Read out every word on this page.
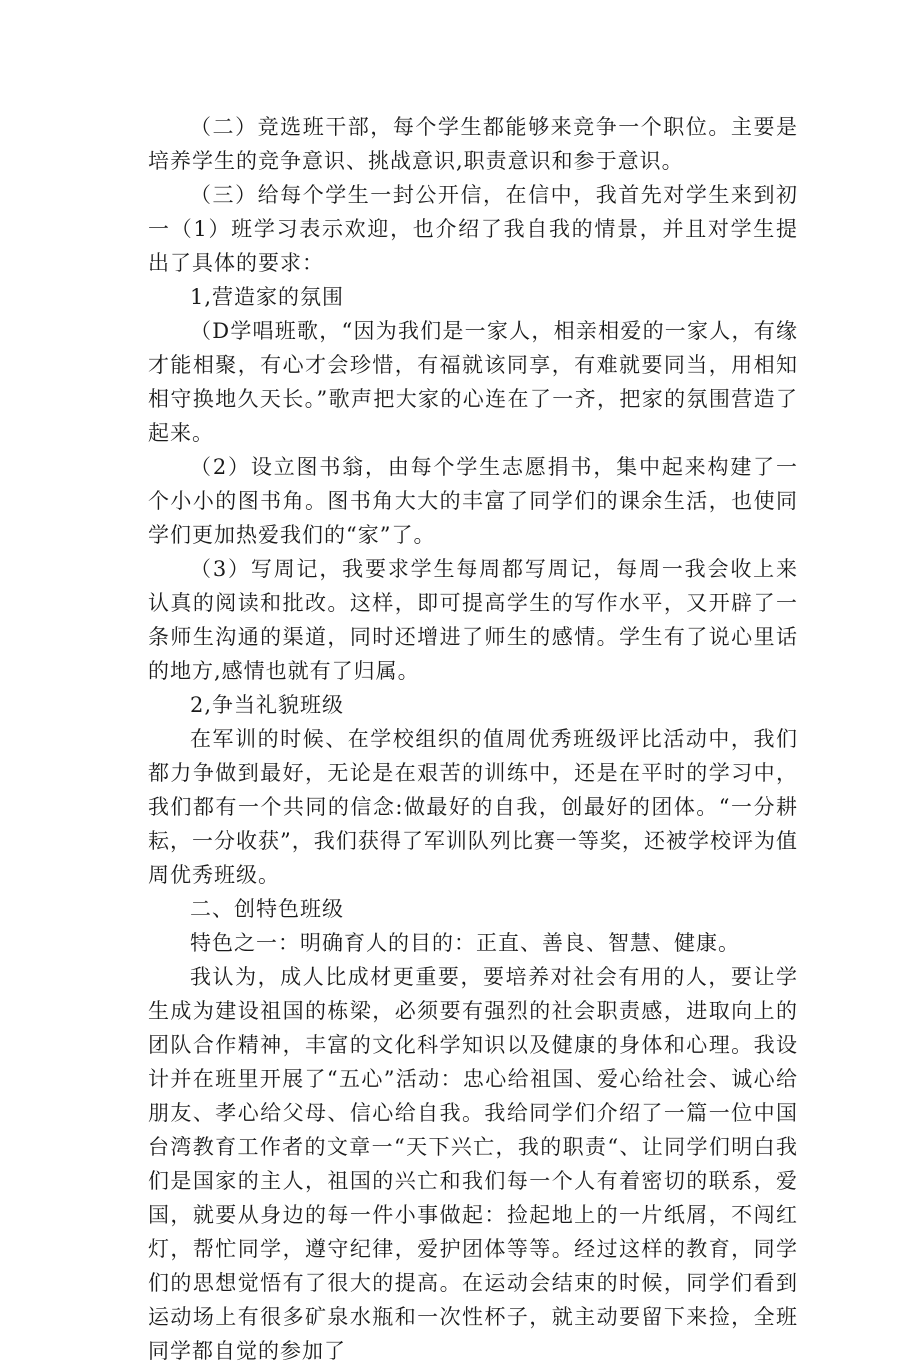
（二）竞选班干部，每个学生都能够来竞争一个职位。主要是培养学生的竞争意识、挑战意识,职责意识和参于意识。

（三）给每个学生一封公开信，在信中，我首先对学生来到初一（1）班学习表示欢迎，也介绍了我自我的情景，并且对学生提出了具体的要求：

1,营造家的氛围

（D学唱班歌，“因为我们是一家人，相亲相爱的一家人，有缘才能相聚，有心才会珍惜，有福就该同享，有难就要同当，用相知相守换地久天长。”歌声把大家的心连在了一齐，把家的氛围营造了起来。

（2）设立图书翁，由每个学生志愿捐书，集中起来构建了一个小小的图书角。图书角大大的丰富了同学们的课余生活，也使同学们更加热爱我们的“家”了。

（3）写周记，我要求学生每周都写周记，每周一我会收上来认真的阅读和批改。这样，即可提高学生的写作水平，又开辟了一条师生沟通的渠道，同时还增进了师生的感情。学生有了说心里话的地方,感情也就有了归属。

2,争当礼貌班级

在军训的时候、在学校组织的值周优秀班级评比活动中，我们都力争做到最好，无论是在艰苦的训练中，还是在平时的学习中，我们都有一个共同的信念:做最好的自我，创最好的团体。“一分耕耘，一分收获”，我们获得了军训队列比赛一等奖，还被学校评为值周优秀班级。

二、创特色班级

特色之一：明确育人的目的：正直、善良、智慧、健康。

我认为，成人比成材更重要，要培养对社会有用的人，要让学生成为建设祖国的栋梁，必须要有强烈的社会职责感，进取向上的团队合作精神，丰富的文化科学知识以及健康的身体和心理。我设计并在班里开展了“五心”活动：忠心给祖国、爱心给社会、诚心给朋友、孝心给父母、信心给自我。我给同学们介绍了一篇一位中国台湾教育工作者的文章一“天下兴亡，我的职责“、让同学们明白我们是国家的主人，祖国的兴亡和我们每一个人有着密切的联系，爱国，就要从身边的每一件小事做起：捡起地上的一片纸屑，不闯红灯，帮忙同学，遵守纪律，爱护团体等等。经过这样的教育，同学们的思想觉悟有了很大的提高。在运动会结束的时候，同学们看到运动场上有很多矿泉水瓶和一次性杯子，就主动要留下来捡，全班同学都自觉的参加了
